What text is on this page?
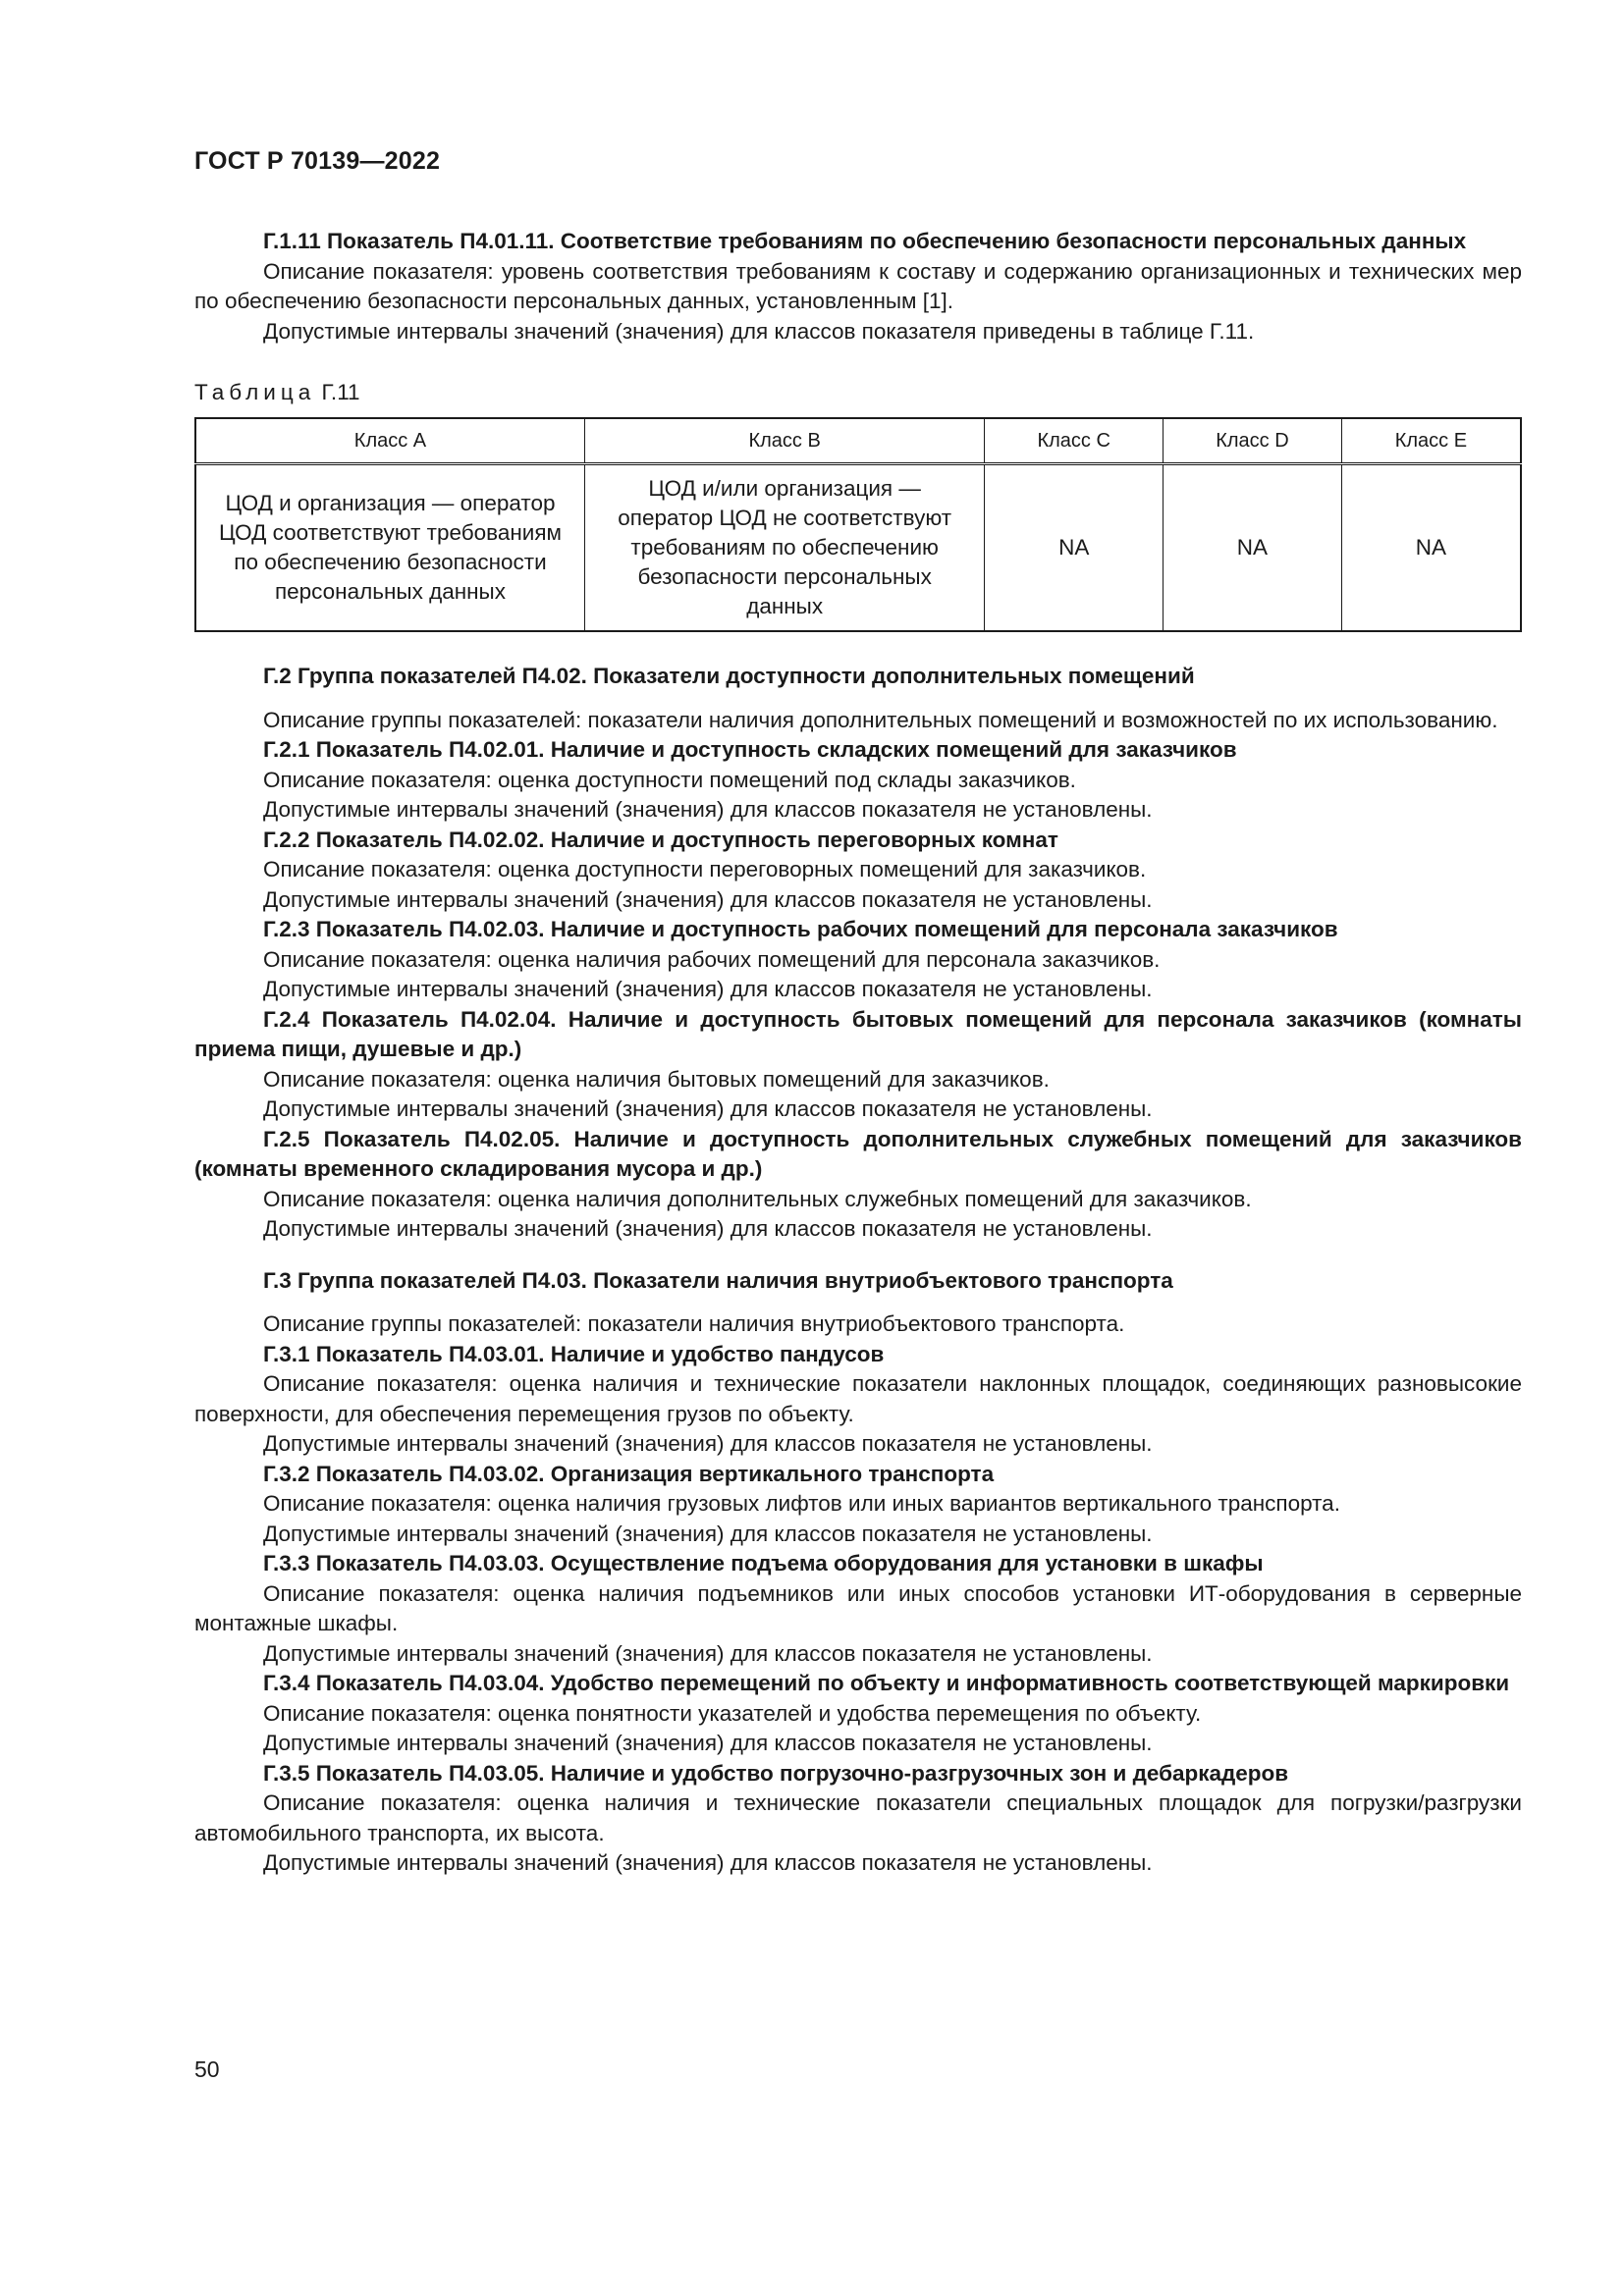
ГОСТ Р 70139—2022

Г.1.11 Показатель П4.01.11. Соответствие требованиям по обеспечению безопасности персональных данных

Описание показателя: уровень соответствия требованиям к составу и содержанию организационных и технических мер по обеспечению безопасности персональных данных, установленным [1].

Допустимые интервалы значений (значения) для классов показателя приведены в таблице Г.11.

Таблица Г.11
Класс A	Класс B	Класс C	Класс D	Класс E
ЦОД и организация — оператор ЦОД соответствуют требованиям по обеспечению безопасности персональных данных	ЦОД и/или организация — оператор ЦОД не соответствуют требованиям по обеспечению безопасности персональных данных	NA	NA	NA

Г.2 Группа показателей П4.02. Показатели доступности дополнительных помещений

Описание группы показателей: показатели наличия дополнительных помещений и возможностей по их использованию.

Г.2.1 Показатель П4.02.01. Наличие и доступность складских помещений для заказчиков

Описание показателя: оценка доступности помещений под склады заказчиков.

Допустимые интервалы значений (значения) для классов показателя не установлены.

Г.2.2 Показатель П4.02.02. Наличие и доступность переговорных комнат

Описание показателя: оценка доступности переговорных помещений для заказчиков.

Допустимые интервалы значений (значения) для классов показателя не установлены.

Г.2.3 Показатель П4.02.03. Наличие и доступность рабочих помещений для персонала заказчиков

Описание показателя: оценка наличия рабочих помещений для персонала заказчиков.

Допустимые интервалы значений (значения) для классов показателя не установлены.

Г.2.4 Показатель П4.02.04. Наличие и доступность бытовых помещений для персонала заказчиков (комнаты приема пищи, душевые и др.)

Описание показателя: оценка наличия бытовых помещений для заказчиков.

Допустимые интервалы значений (значения) для классов показателя не установлены.

Г.2.5 Показатель П4.02.05. Наличие и доступность дополнительных служебных помещений для заказчиков (комнаты временного складирования мусора и др.)

Описание показателя: оценка наличия дополнительных служебных помещений для заказчиков.

Допустимые интервалы значений (значения) для классов показателя не установлены.

Г.3 Группа показателей П4.03. Показатели наличия внутриобъектового транспорта

Описание группы показателей: показатели наличия внутриобъектового транспорта.

Г.3.1 Показатель П4.03.01. Наличие и удобство пандусов

Описание показателя: оценка наличия и технические показатели наклонных площадок, соединяющих разновысокие поверхности, для обеспечения перемещения грузов по объекту.

Допустимые интервалы значений (значения) для классов показателя не установлены.

Г.3.2 Показатель П4.03.02. Организация вертикального транспорта

Описание показателя: оценка наличия грузовых лифтов или иных вариантов вертикального транспорта.

Допустимые интервалы значений (значения) для классов показателя не установлены.

Г.3.3 Показатель П4.03.03. Осуществление подъема оборудования для установки в шкафы

Описание показателя: оценка наличия подъемников или иных способов установки ИТ-оборудования в серверные монтажные шкафы.

Допустимые интервалы значений (значения) для классов показателя не установлены.

Г.3.4 Показатель П4.03.04. Удобство перемещений по объекту и информативность соответствующей маркировки

Описание показателя: оценка понятности указателей и удобства перемещения по объекту.

Допустимые интервалы значений (значения) для классов показателя не установлены.

Г.3.5 Показатель П4.03.05. Наличие и удобство погрузочно-разгрузочных зон и дебаркадеров

Описание показателя: оценка наличия и технические показатели специальных площадок для погрузки/разгрузки автомобильного транспорта, их высота.

Допустимые интервалы значений (значения) для классов показателя не установлены.

50
